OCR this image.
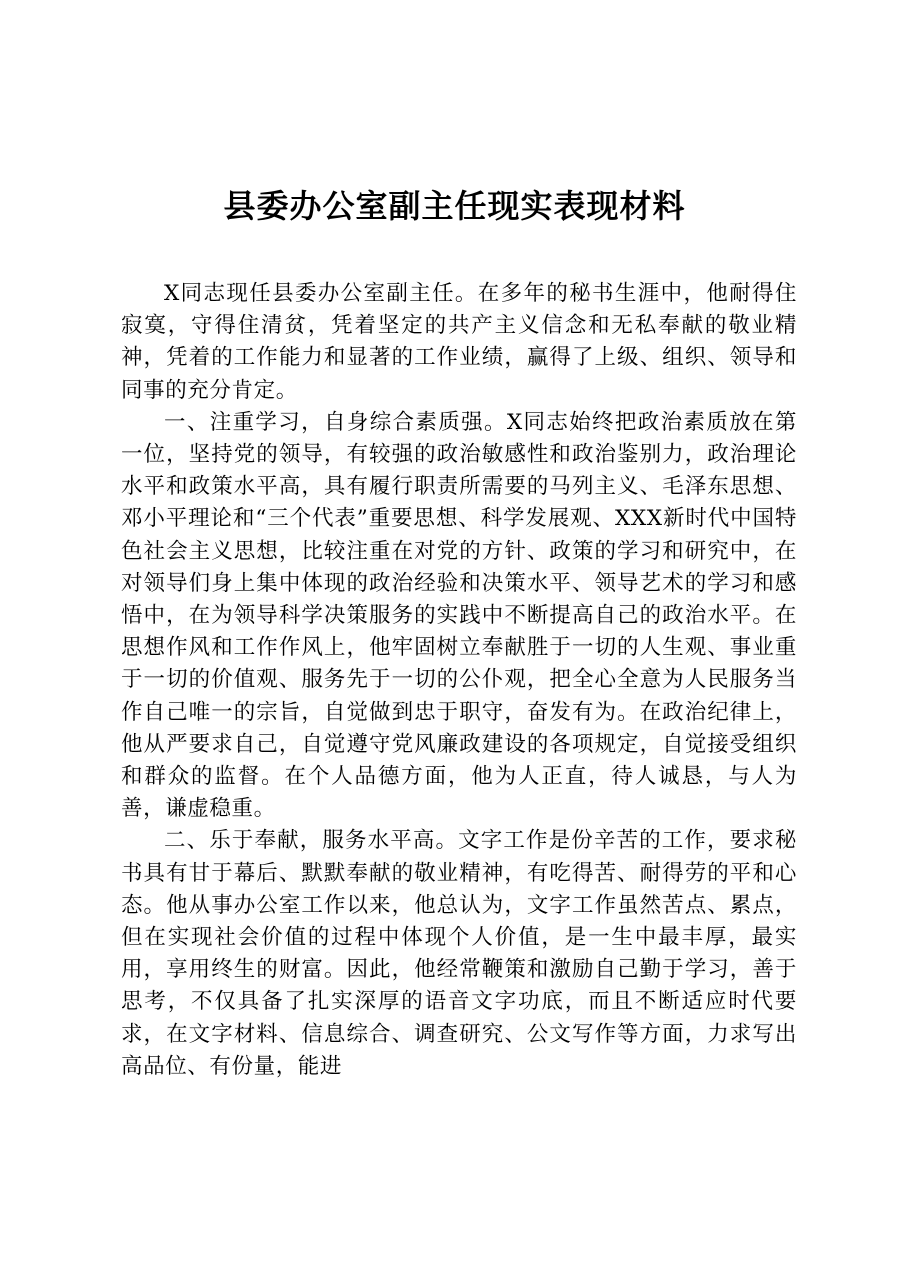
县委办公室副主任现实表现材料

X同志现任县委办公室副主任。在多年的秘书生涯中，他耐得住寂寞，守得住清贫，凭着坚定的共产主义信念和无私奉献的敬业精神，凭着的工作能力和显著的工作业绩，赢得了上级、组织、领导和同事的充分肯定。

一、注重学习，自身综合素质强。X同志始终把政治素质放在第一位，坚持党的领导，有较强的政治敏感性和政治鉴别力，政治理论水平和政策水平高，具有履行职责所需要的马列主义、毛泽东思想、邓小平理论和“三个代表”重要思想、科学发展观、XXX新时代中国特色社会主义思想，比较注重在对党的方针、政策的学习和研究中，在对领导们身上集中体现的政治经验和决策水平、领导艺术的学习和感悟中，在为领导科学决策服务的实践中不断提高自己的政治水平。在思想作风和工作作风上，他牢固树立奉献胜于一切的人生观、事业重于一切的价值观、服务先于一切的公仆观，把全心全意为人民服务当作自己唯一的宗旨，自觉做到忠于职守，奋发有为。在政治纪律上，他从严要求自己，自觉遵守党风廉政建设的各项规定，自觉接受组织和群众的监督。在个人品德方面，他为人正直，待人诚恳，与人为善，谦虚稳重。

二、乐于奉献，服务水平高。文字工作是份辛苦的工作，要求秘书具有甘于幕后、默默奉献的敬业精神，有吃得苦、耐得劳的平和心态。他从事办公室工作以来，他总认为，文字工作虽然苦点、累点，但在实现社会价值的过程中体现个人价值，是一生中最丰厚，最实用，享用终生的财富。因此，他经常鞭策和激励自己勤于学习，善于思考，不仅具备了扎实深厚的语音文字功底，而且不断适应时代要求，在文字材料、信息综合、调查研究、公文写作等方面，力求写出高品位、有份量，能进
